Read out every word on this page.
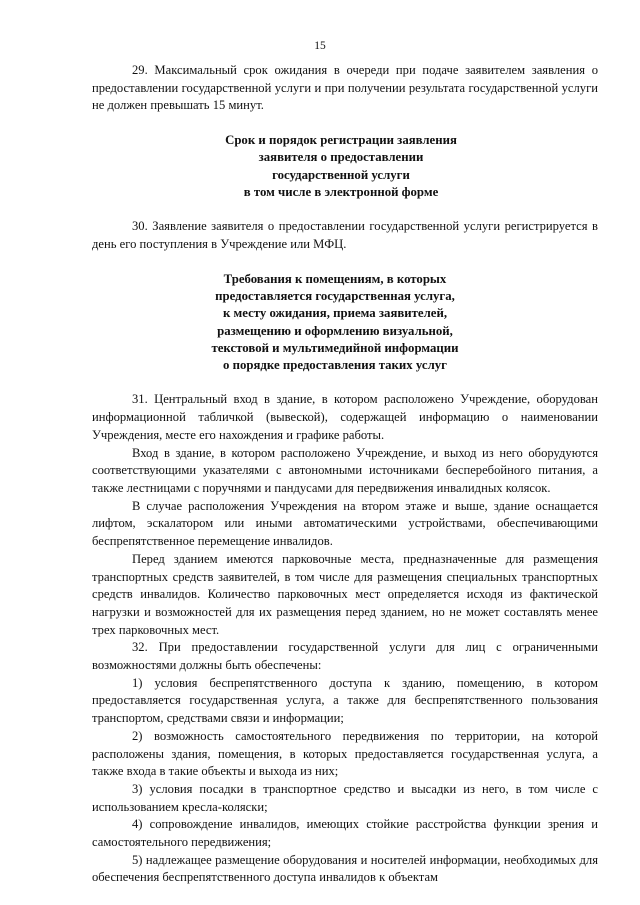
15

29. Максимальный срок ожидания в очереди при подаче заявителем заявления о предоставлении государственной услуги и при получении результата государственной услуги не должен превышать 15 минут.

Срок и порядок регистрации заявления
заявителя о предоставлении
государственной услуги
в том числе в электронной форме

30. Заявление заявителя о предоставлении государственной услуги регистрируется в день его поступления в Учреждение или МФЦ.

Требования к помещениям, в которых
предоставляется государственная услуга,
к месту ожидания, приема заявителей,
размещению и оформлению визуальной,
текстовой и мультимедийной информации
о порядке предоставления таких услуг

31. Центральный вход в здание, в котором расположено Учреждение, оборудован информационной табличкой (вывеской), содержащей информацию о наименовании Учреждения, месте его нахождения и графике работы.

Вход в здание, в котором расположено Учреждение, и выход из него оборудуются соответствующими указателями с автономными источниками бесперебойного питания, а также лестницами с поручнями и пандусами для передвижения инвалидных колясок.

В случае расположения Учреждения на втором этаже и выше, здание оснащается лифтом, эскалатором или иными автоматическими устройствами, обеспечивающими беспрепятственное перемещение инвалидов.

Перед зданием имеются парковочные места, предназначенные для размещения транспортных средств заявителей, в том числе для размещения специальных транспортных средств инвалидов. Количество парковочных мест определяется исходя из фактической нагрузки и возможностей для их размещения перед зданием, но не может составлять менее трех парковочных мест.

32. При предоставлении государственной услуги для лиц с ограниченными возможностями должны быть обеспечены:

1) условия беспрепятственного доступа к зданию, помещению, в котором предоставляется государственная услуга, а также для беспрепятственного пользования транспортом, средствами связи и информации;

2) возможность самостоятельного передвижения по территории, на которой расположены здания, помещения, в которых предоставляется государственная услуга, а также входа в такие объекты и выхода из них;

3) условия посадки в транспортное средство и высадки из него, в том числе с использованием кресла-коляски;

4) сопровождение инвалидов, имеющих стойкие расстройства функции зрения и самостоятельного передвижения;

5) надлежащее размещение оборудования и носителей информации, необходимых для обеспечения беспрепятственного доступа инвалидов к объектам
